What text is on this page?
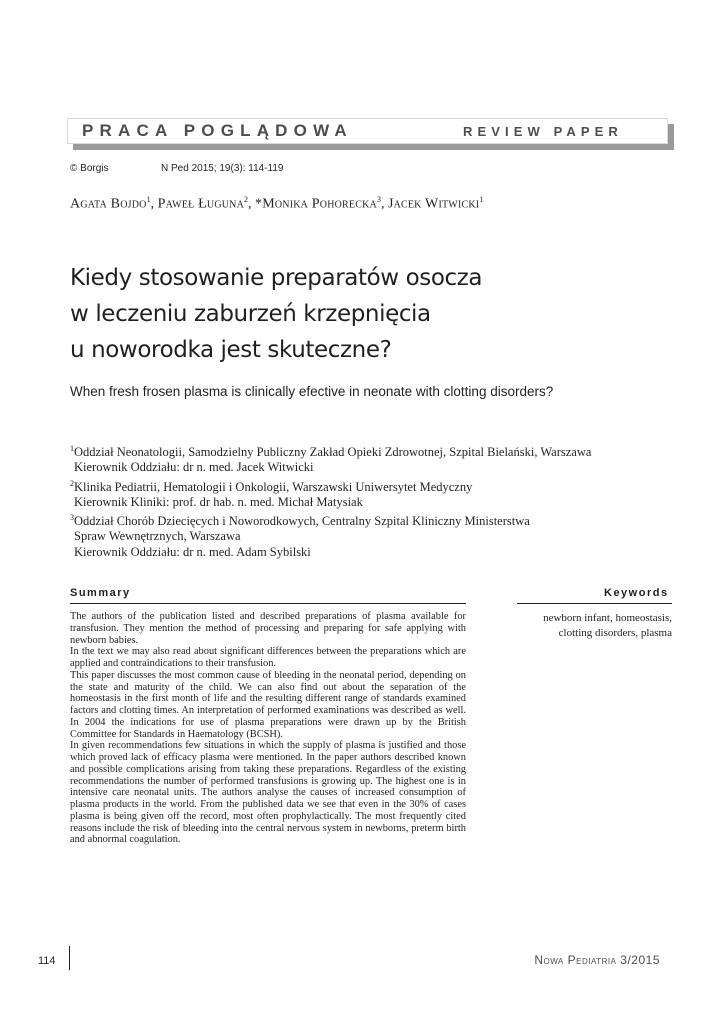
PRACA POGLĄDOWA	REVIEW PAPER
© Borgis	N Ped 2015; 19(3): 114-119
Agata Bojdo$^1$, Paweł Ługuna$^2$, *Monika Pohorecka$^3$, Jacek Witwicki$^1$
Kiedy stosowanie preparatów osocza
w leczeniu zaburzeń krzepnięcia
u noworodka jest skuteczne?
When fresh frosen plasma is clinically efective in neonate with clotting disorders?
$^1$Oddział Neonatologii, Samodzielny Publiczny Zakład Opieki Zdrowotnej, Szpital Bielański, Warszawa
Kierownik Oddziału: dr n. med. Jacek Witwicki
$^2$Klinika Pediatrii, Hematologii i Onkologii, Warszawski Uniwersytet Medyczny
Kierownik Kliniki: prof. dr hab. n. med. Michał Matysiak
$^3$Oddział Chorób Dziecięcych i Noworodkowych, Centralny Szpital Kliniczny Ministerstwa
Spraw Wewnętrznych, Warszawa
Kierownik Oddziału: dr n. med. Adam Sybilski
Summary	Keywords
The authors of the publication listed and described preparations of plasma available for transfusion. They mention the method of processing and preparing for safe applying with newborn babies.
In the text we may also read about significant differences between the preparations which are applied and contraindications to their transfusion.
This paper discusses the most common cause of bleeding in the neonatal period, depending on the state and maturity of the child. We can also find out about the separation of the homeostasis in the first month of life and the resulting different range of standards examined factors and clotting times. An interpretation of performed examinations was described as well. In 2004 the indications for use of plasma preparations were drawn up by the British Committee for Standards in Haematology (BCSH).
In given recommendations few situations in which the supply of plasma is justified and those which proved lack of efficacy plasma were mentioned. In the paper authors described known and possible complications arising from taking these preparations. Regardless of the existing recommendations the number of performed transfusions is growing up. The highest one is in intensive care neonatal units. The authors analyse the causes of increased consumption of plasma products in the world. From the published data we see that even in the 30% of cases plasma is being given off the record, most often prophylactically. The most frequently cited reasons include the risk of bleeding into the central nervous system in newborns, preterm birth and abnormal coagulation.
newborn infant, homeostasis,
clotting disorders, plasma
114	Nowa Pediatria 3/2015
